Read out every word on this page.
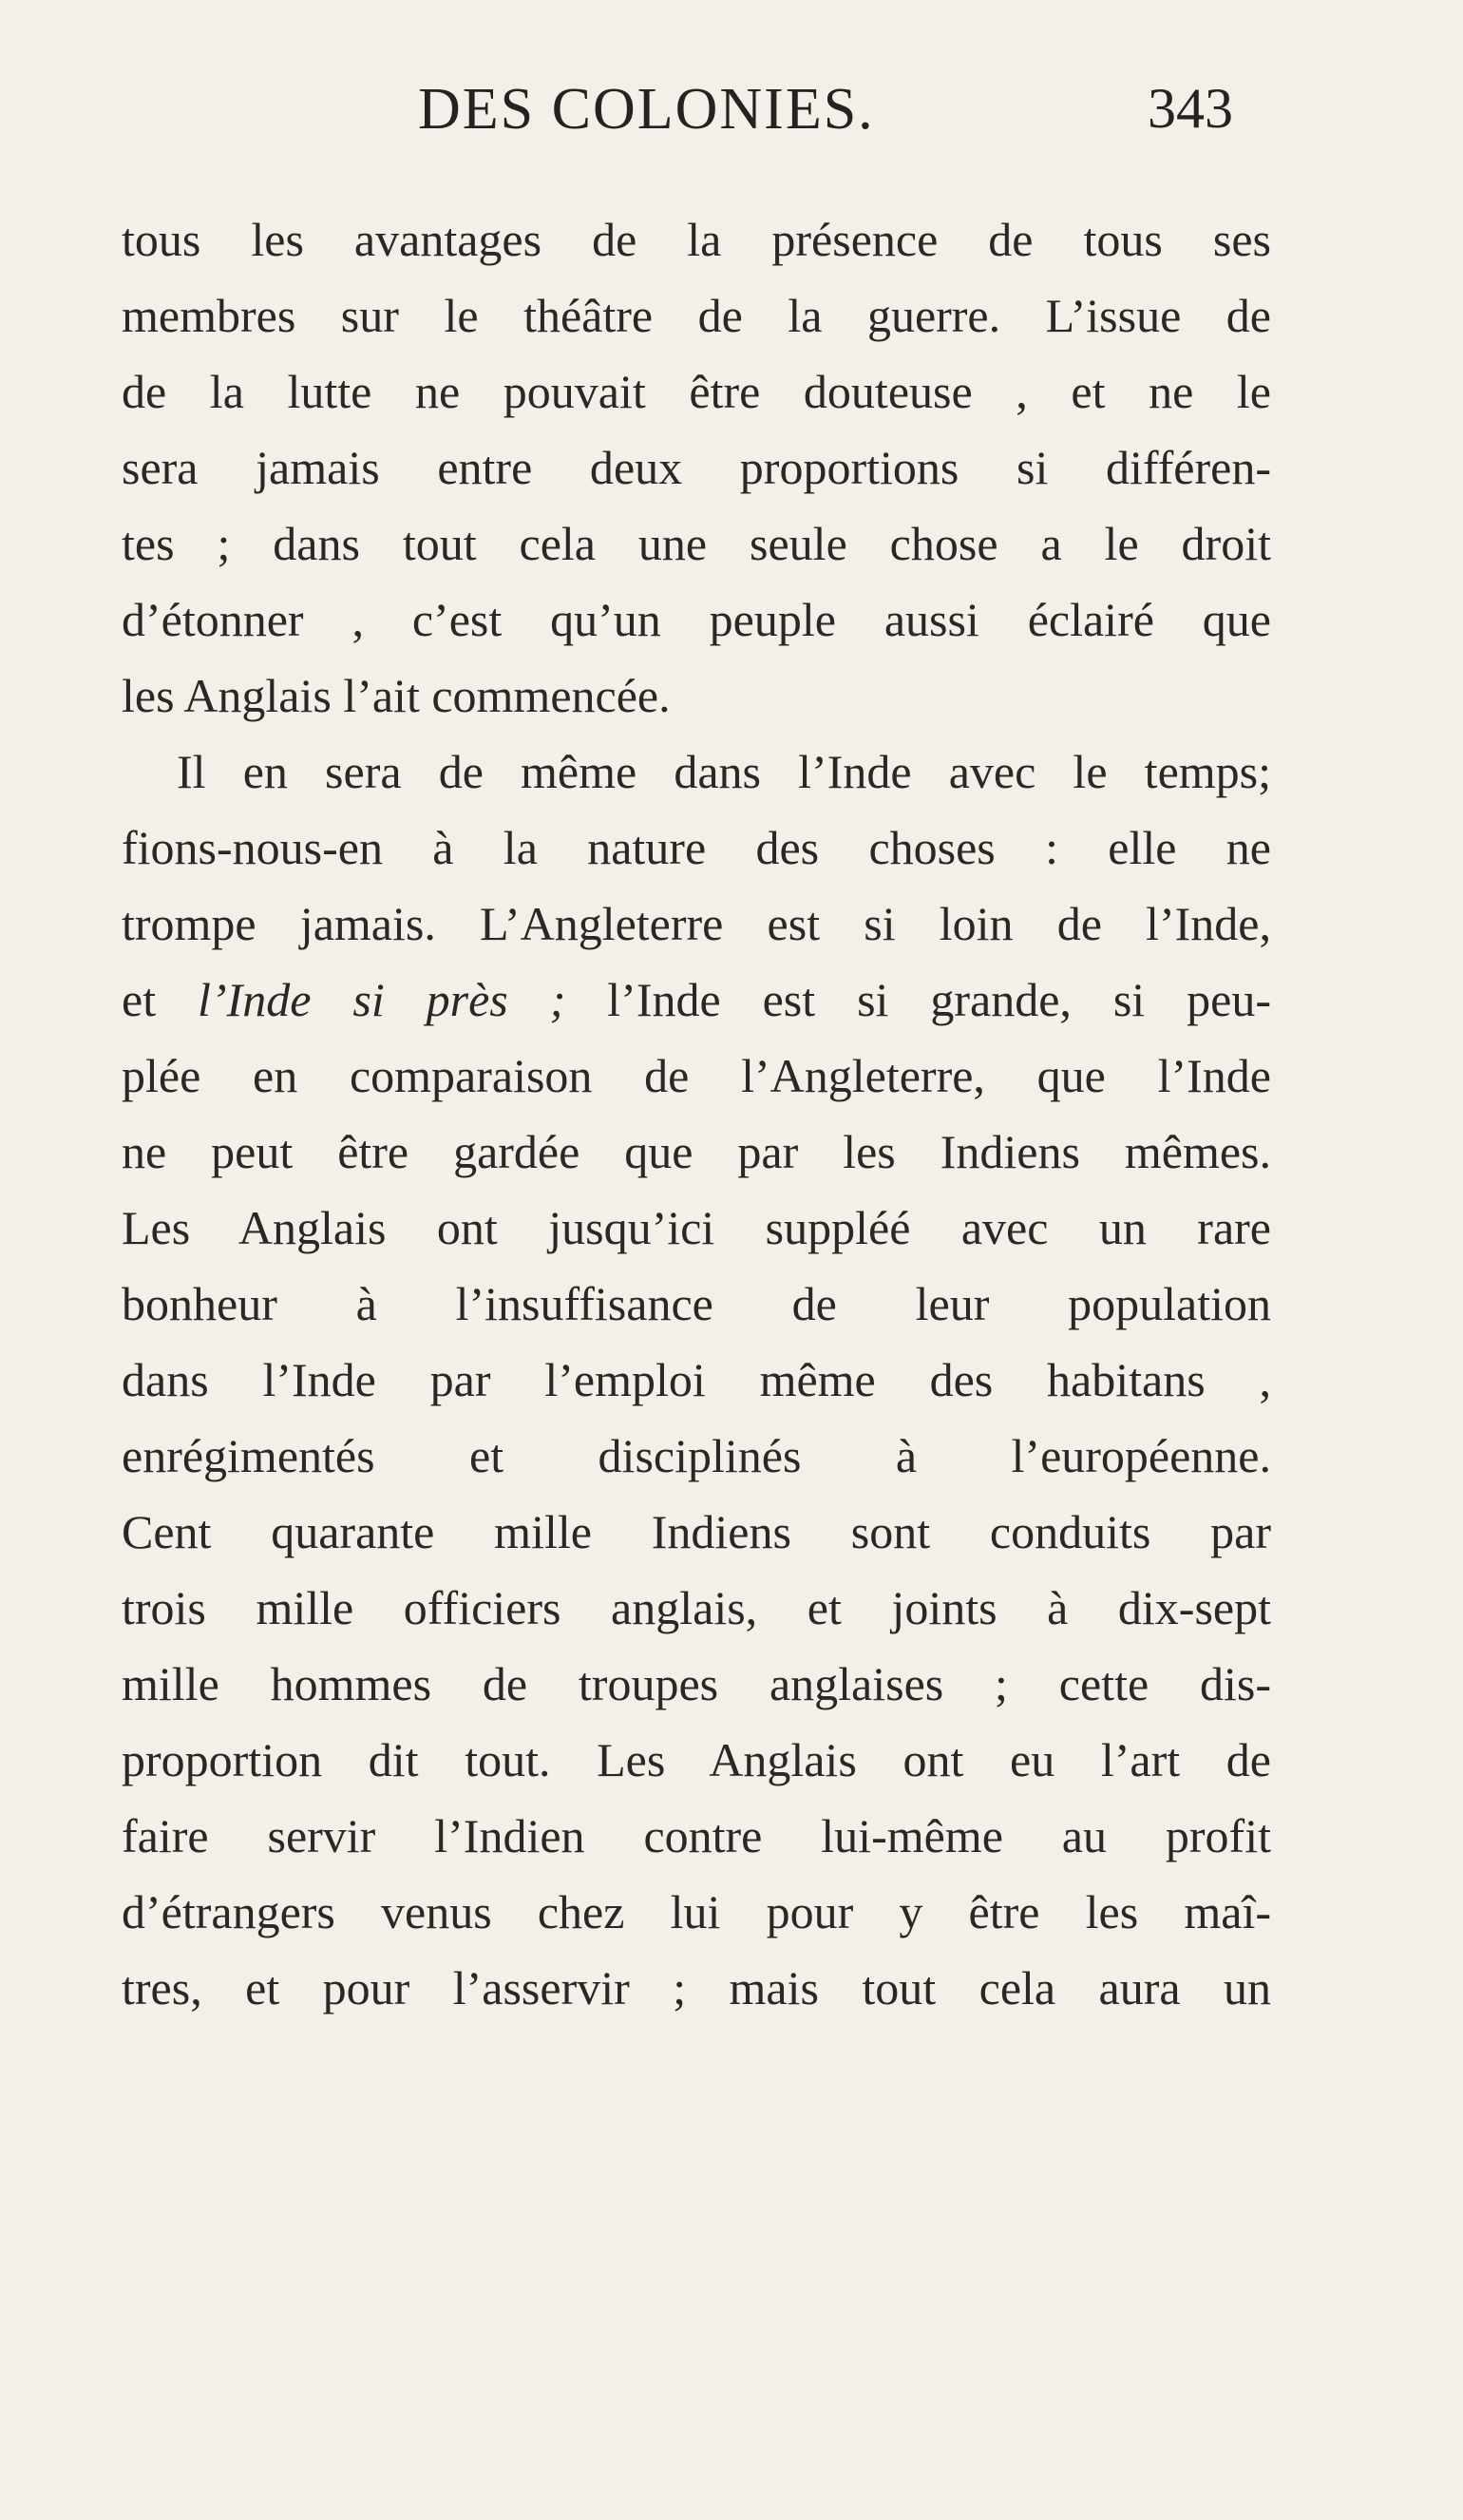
DES COLONIES.	343
tous les avantages de la présence de tous ses
membres sur le théâtre de la guerre. L’issue de
de la lutte ne pouvait être douteuse , et ne le
sera jamais entre deux proportions si différen-
tes ; dans tout cela une seule chose a le droit
d’étonner , c’est qu’un peuple aussi éclairé que
les Anglais l’ait commencée.
Il en sera de même dans l’Inde avec le temps;
fions-nous-en à la nature des choses : elle ne
trompe jamais. L’Angleterre est si loin de l’Inde,
et l’Inde si près ; l’Inde est si grande, si peu-
plée en comparaison de l’Angleterre, que l’Inde
ne peut être gardée que par les Indiens mêmes.
Les Anglais ont jusqu’ici suppléé avec un rare
bonheur à l’insuffisance de leur population
dans l’Inde par l’emploi même des habitans ,
enrégimentés et disciplinés à l’européenne.
Cent quarante mille Indiens sont conduits par
trois mille officiers anglais, et joints à dix-sept
mille hommes de troupes anglaises ; cette dis-
proportion dit tout. Les Anglais ont eu l’art de
faire servir l’Indien contre lui-même au profit
d’étrangers venus chez lui pour y être les maî-
tres, et pour l’asservir ; mais tout cela aura un
